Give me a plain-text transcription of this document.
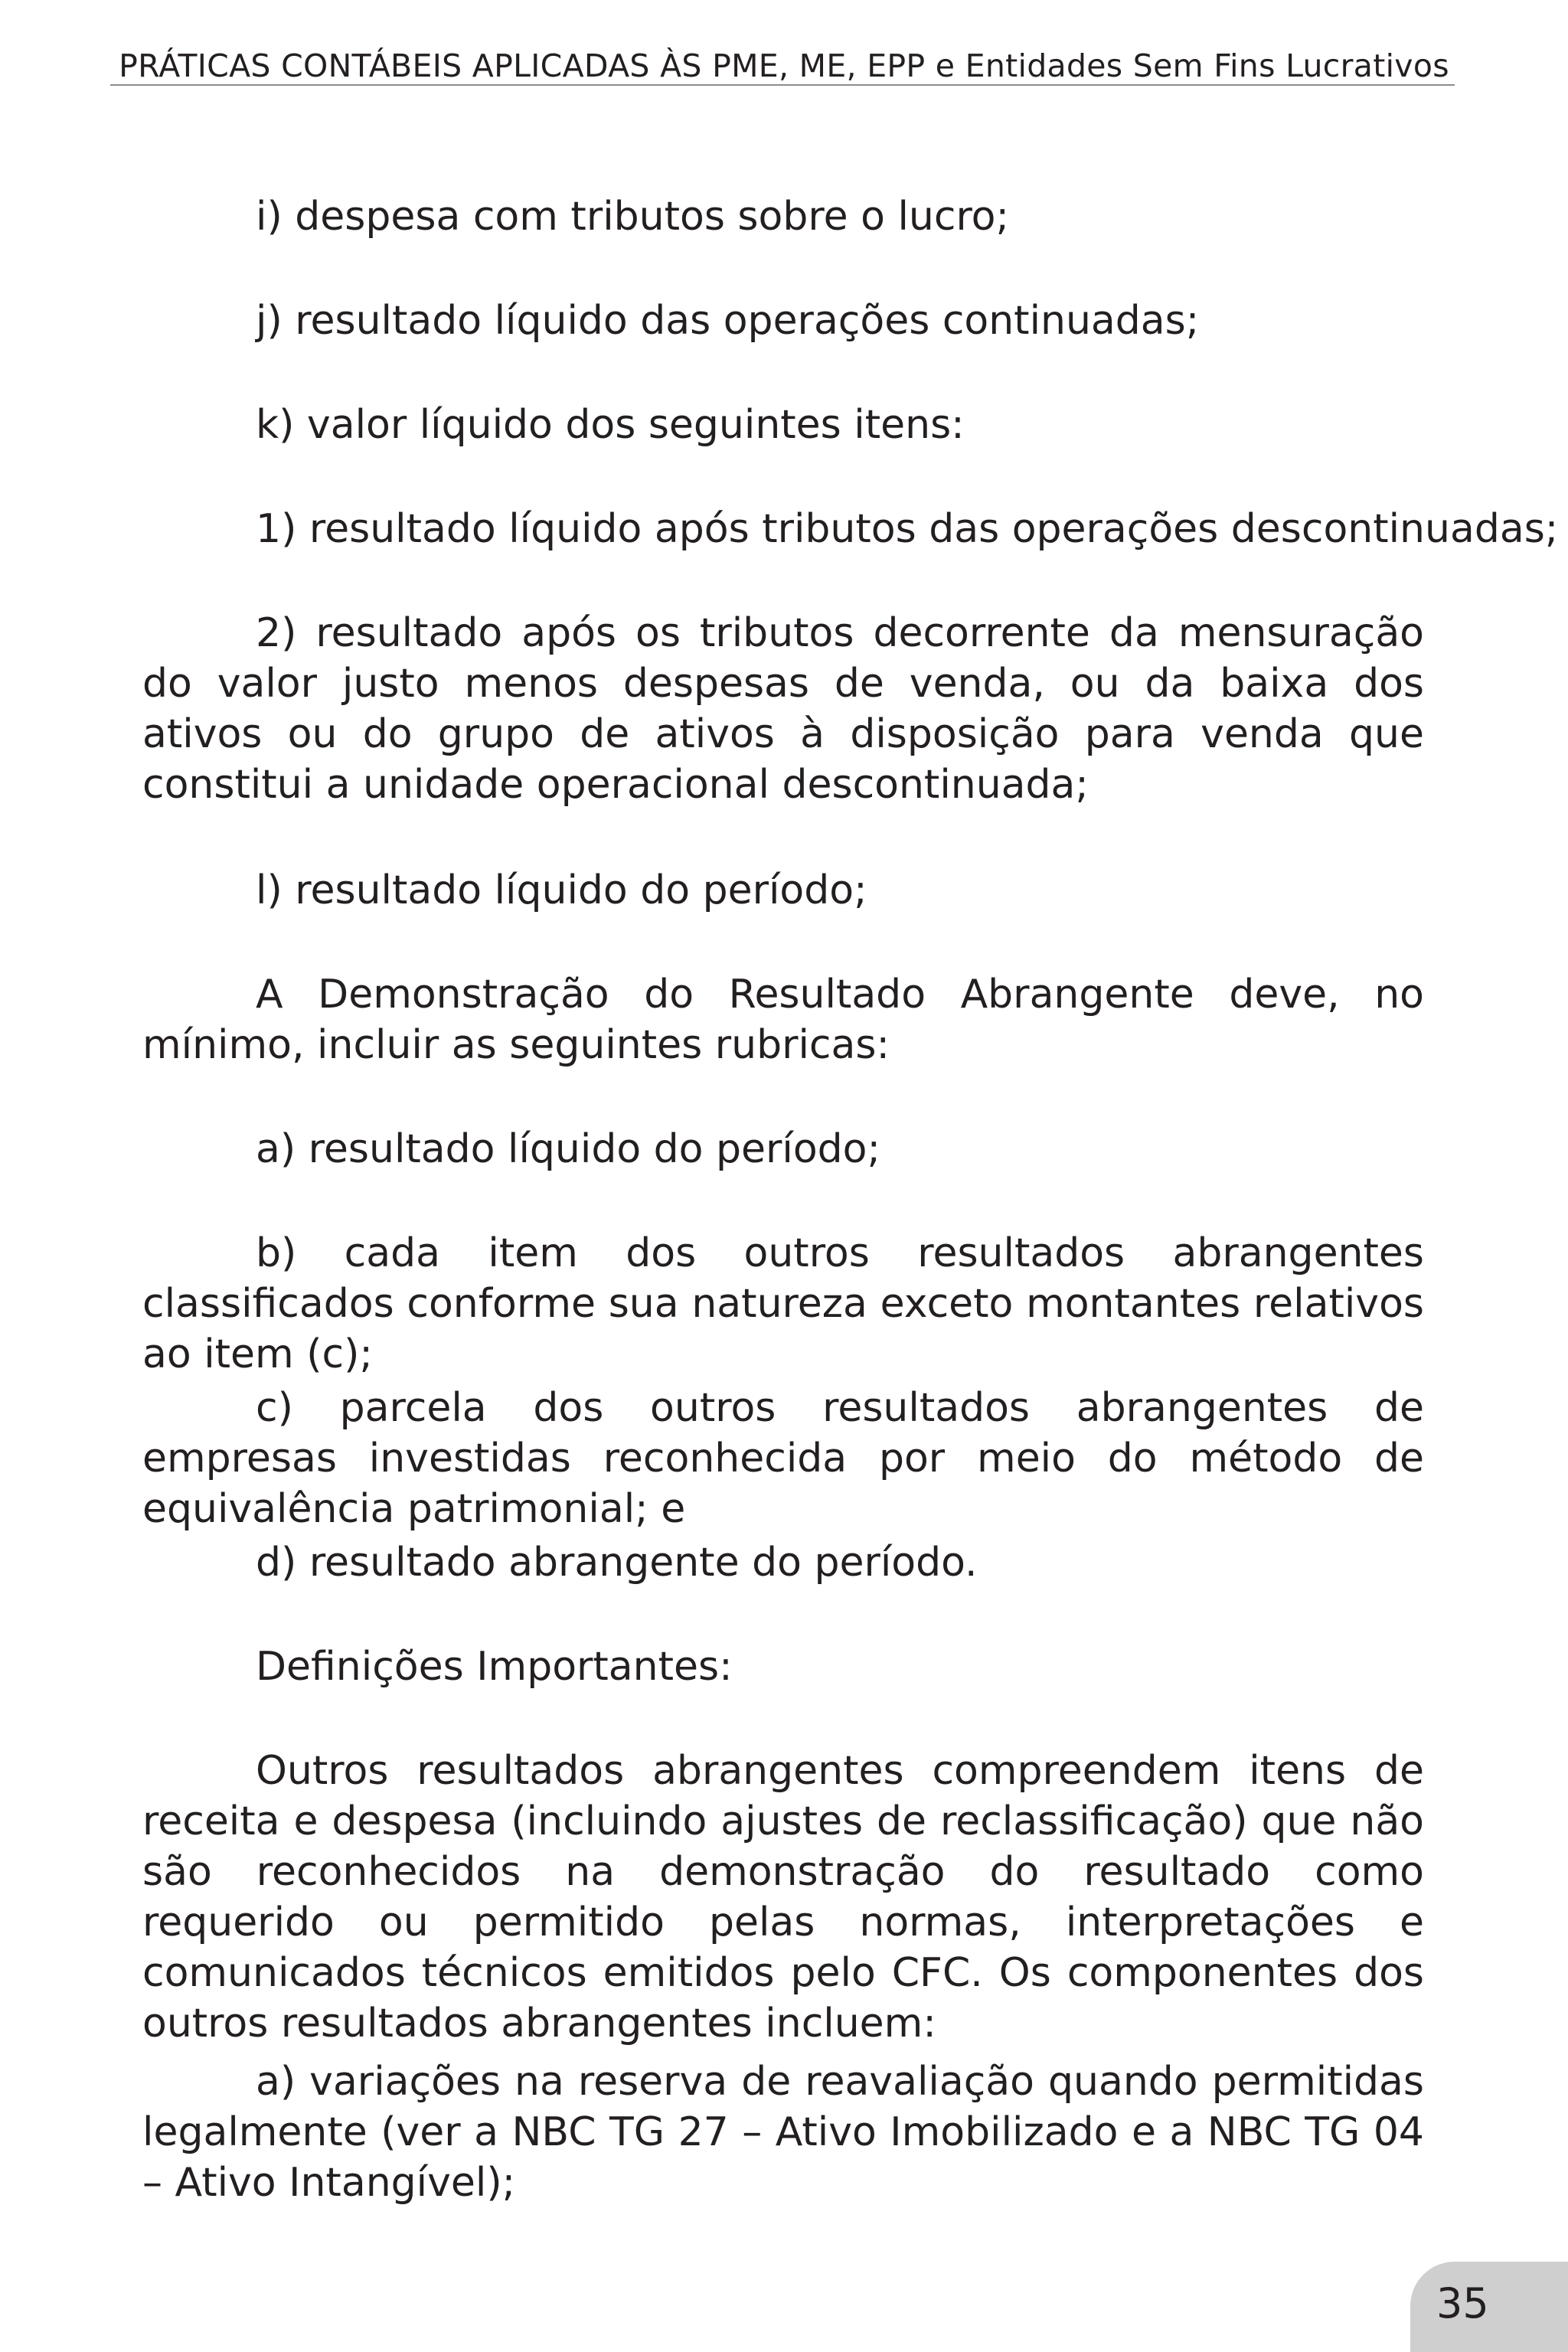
PRÁTICAS CONTÁBEIS APLICADAS ÀS PME, ME, EPP e Entidades Sem Fins Lucrativos

i) despesa com tributos sobre o lucro;

j) resultado líquido das operações continuadas;

k) valor líquido dos seguintes itens:

1) resultado líquido após tributos das operações descontinuadas;

2) resultado após os tributos decorrente da mensuração do valor justo menos despesas de venda, ou da baixa dos ativos ou do grupo de ativos à disposição para venda que constitui a unidade operacional descontinuada;

l) resultado líquido do período;

A Demonstração do Resultado Abrangente deve, no mínimo, incluir as seguintes rubricas:

a) resultado líquido do período;

b) cada item dos outros resultados abrangentes classificados conforme sua natureza exceto montantes relativos ao item (c);

c) parcela dos outros resultados abrangentes de empresas investidas reconhecida por meio do método de equivalência patrimonial; e

d) resultado abrangente do período.

Definições Importantes:

Outros resultados abrangentes compreendem itens de receita e despesa (incluindo ajustes de reclassificação) que não são reconhecidos na demonstração do resultado como requerido ou permitido pelas normas, interpretações e comunicados técnicos emitidos pelo CFC. Os componentes dos outros resultados abrangentes incluem:

a) variações na reserva de reavaliação quando permitidas legalmente (ver a NBC TG 27 – Ativo Imobilizado e a NBC TG 04 – Ativo Intangível);

35
